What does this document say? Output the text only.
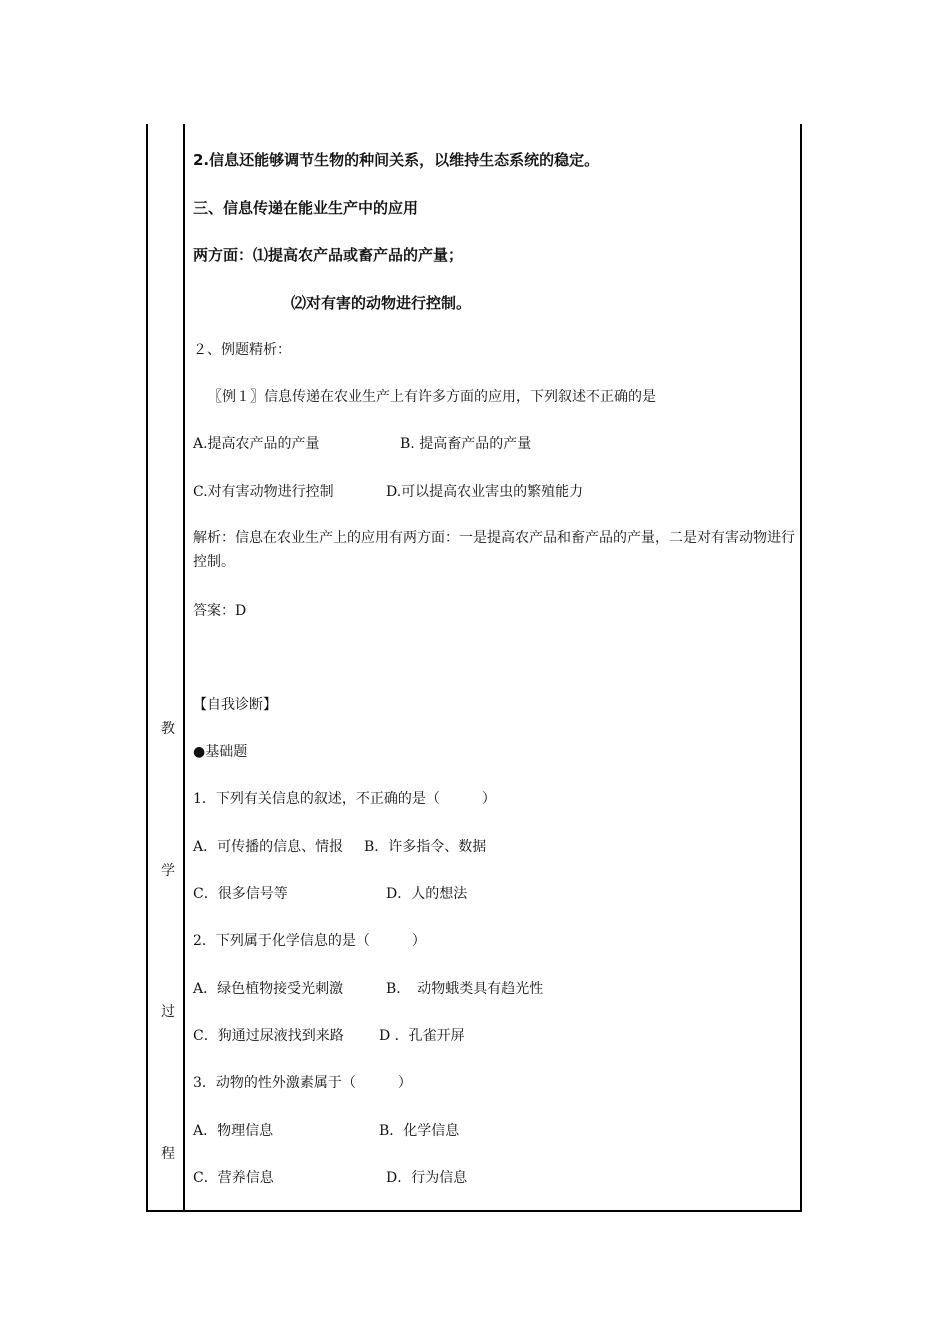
教
学
过
程
2.信息还能够调节生物的种间关系，以维持生态系统的稳定。
三、信息传递在能业生产中的应用
两方面：⑴提高农产品或畜产品的产量；
⑵对有害的动物进行控制。
２、例题精析：
〖例１〗信息传递在农业生产上有许多方面的应用，下列叙述不正确的是
A.提高农产品的产量	B. 提高畜产品的产量
C.对有害动物进行控制	D.可以提高农业害虫的繁殖能力
解析：信息在农业生产上的应用有两方面：一是提高农产品和畜产品的产量，二是对有害动物进行控制。
答案：D
【自我诊断】
●基础题
1．下列有关信息的叙述，不正确的是（　　　）
A．可传播的信息、情报 B．许多指令、数据
C．很多信号等	D．人的想法
2．下列属于化学信息的是（　　　）
A．绿色植物接受光刺激	B．　动物蛾类具有趋光性
C．狗通过尿液找到来路	D ．孔雀开屏
3．动物的性外激素属于（　　　）
A．物理信息	B．化学信息
C．营养信息	D．行为信息
